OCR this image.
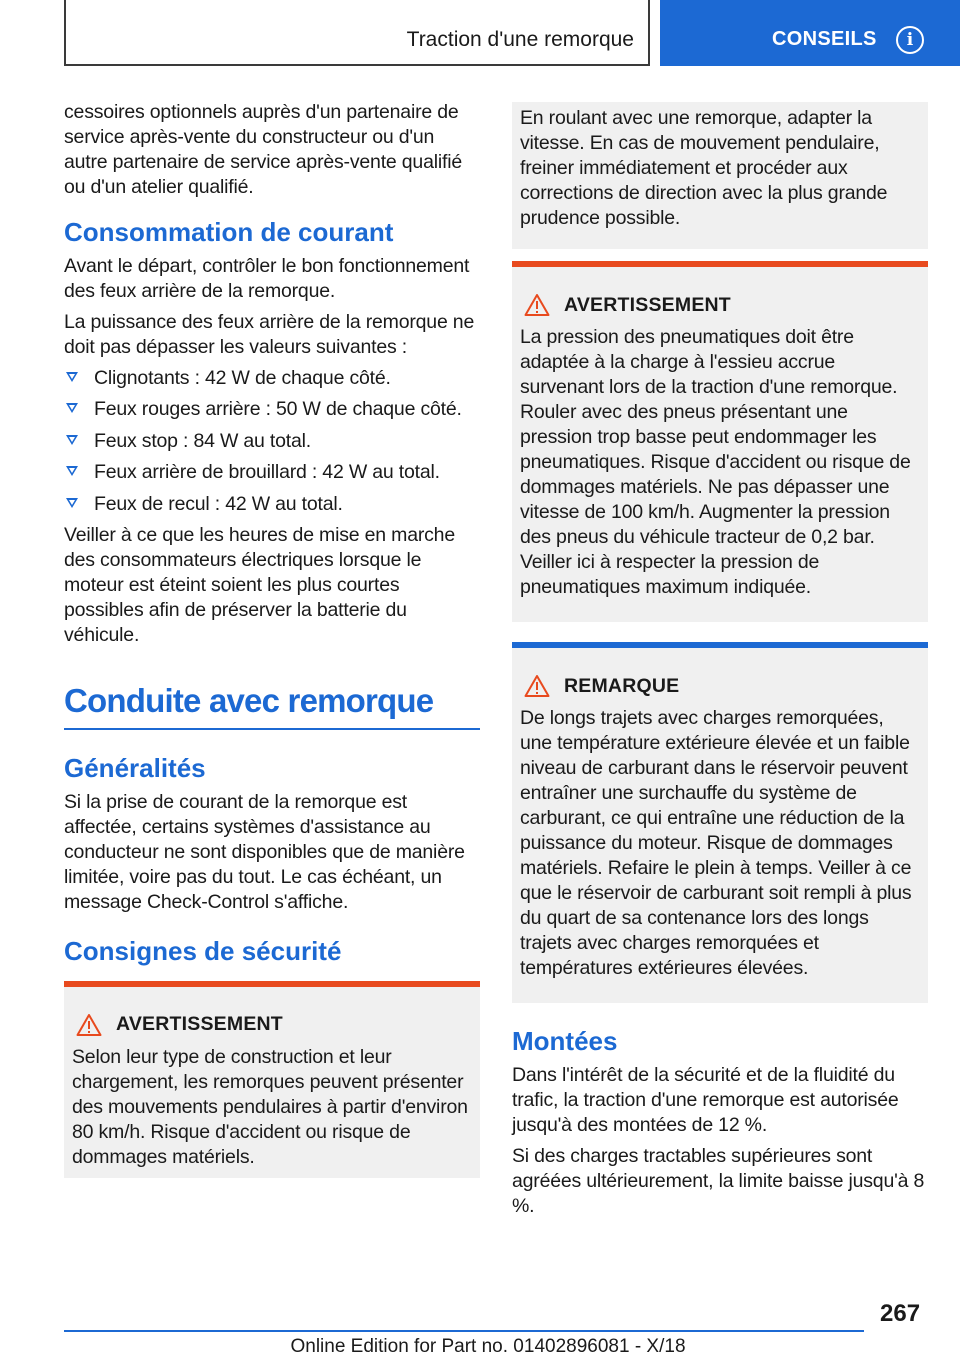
Traction d'une remorque	CONSEILS	i

cessoires optionnels auprès d'un partenaire de service après-vente du constructeur ou d'un autre partenaire de service après-vente qualifié ou d'un atelier qualifié.

Consommation de courant

Avant le départ, contrôler le bon fonctionnement des feux arrière de la remorque.

La puissance des feux arrière de la remorque ne doit pas dépasser les valeurs suivantes :

Clignotants : 42 W de chaque côté.
Feux rouges arrière : 50 W de chaque côté.
Feux stop : 84 W au total.
Feux arrière de brouillard : 42 W au total.
Feux de recul : 42 W au total.

Veiller à ce que les heures de mise en marche des consommateurs électriques lorsque le moteur est éteint soient les plus courtes possibles afin de préserver la batterie du véhicule.

Conduite avec remorque
Généralités

Si la prise de courant de la remorque est affectée, certains systèmes d'assistance au conducteur ne sont disponibles que de manière limitée, voire pas du tout. Le cas échéant, un message Check-Control s'affiche.

Consignes de sécurité
AVERTISSEMENT

Selon leur type de construction et leur chargement, les remorques peuvent présenter des mouvements pendulaires à partir d'environ 80 km/h. Risque d'accident ou risque de dommages matériels.

En roulant avec une remorque, adapter la vitesse. En cas de mouvement pendulaire, freiner immédiatement et procéder aux corrections de direction avec la plus grande prudence possible.

AVERTISSEMENT

La pression des pneumatiques doit être adaptée à la charge à l'essieu accrue survenant lors de la traction d'une remorque. Rouler avec des pneus présentant une pression trop basse peut endommager les pneumatiques. Risque d'accident ou risque de dommages matériels. Ne pas dépasser une vitesse de 100 km/h. Augmenter la pression des pneus du véhicule tracteur de 0,2 bar. Veiller ici à respecter la pression de pneumatiques maximum indiquée.

REMARQUE

De longs trajets avec charges remorquées, une température extérieure élevée et un faible niveau de carburant dans le réservoir peuvent entraîner une surchauffe du système de carburant, ce qui entraîne une réduction de la puissance du moteur. Risque de dommages matériels. Refaire le plein à temps. Veiller à ce que le réservoir de carburant soit rempli à plus du quart de sa contenance lors des longs trajets avec charges remorquées et températures extérieures élevées.

Montées

Dans l'intérêt de la sécurité et de la fluidité du trafic, la traction d'une remorque est autorisée jusqu'à des montées de 12 %.

Si des charges tractables supérieures sont agréées ultérieurement, la limite baisse jusqu'à 8 %.

267
Online Edition for Part no. 01402896081 - X/18
